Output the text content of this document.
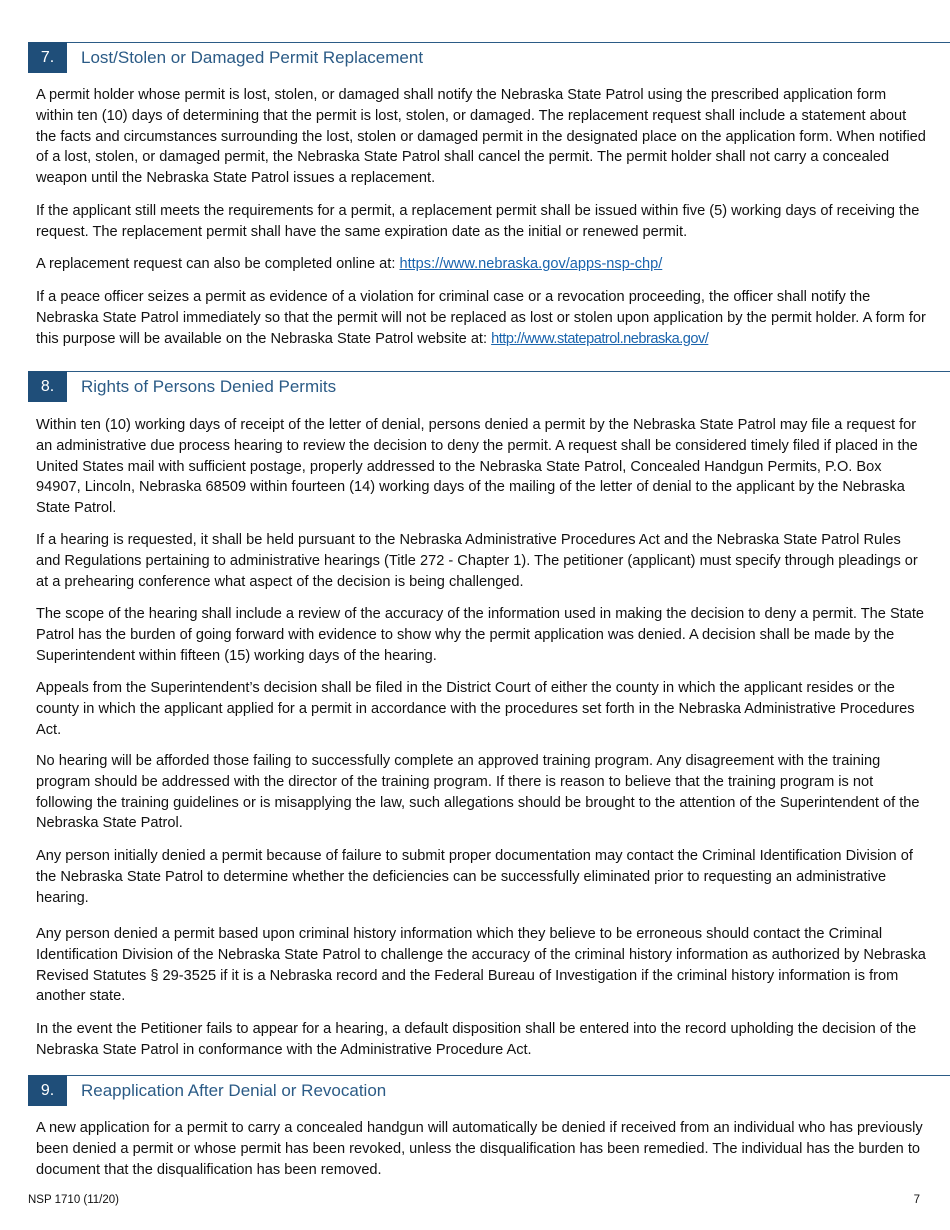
7.	Lost/Stolen or Damaged Permit Replacement

A permit holder whose permit is lost, stolen, or damaged shall notify the Nebraska State Patrol using the prescribed application form within ten (10) days of determining that the permit is lost, stolen, or damaged. The replacement request shall include a statement about the facts and circumstances surrounding the lost, stolen or damaged permit in the designated place on the application form. When notified of a lost, stolen, or damaged permit, the Nebraska State Patrol shall cancel the permit. The permit holder shall not carry a concealed weapon until the Nebraska State Patrol issues a replacement.

If the applicant still meets the requirements for a permit, a replacement permit shall be issued within five (5) working days of receiving the request. The replacement permit shall have the same expiration date as the initial or renewed permit.

A replacement request can also be completed online at: https://www.nebraska.gov/apps-nsp-chp/

If a peace officer seizes a permit as evidence of a violation for criminal case or a revocation proceeding, the officer shall notify the Nebraska State Patrol immediately so that the permit will not be replaced as lost or stolen upon application by the permit holder. A form for this purpose will be available on the Nebraska State Patrol website at: http://www.statepatrol.nebraska.gov/

8.	Rights of Persons Denied Permits

Within ten (10) working days of receipt of the letter of denial, persons denied a permit by the Nebraska State Patrol may file a request for an administrative due process hearing to review the decision to deny the permit. A request shall be considered timely filed if placed in the United States mail with sufficient postage, properly addressed to the Nebraska State Patrol, Concealed Handgun Permits, P.O. Box 94907, Lincoln, Nebraska 68509 within fourteen (14) working days of the mailing of the letter of denial to the applicant by the Nebraska State Patrol.

If a hearing is requested, it shall be held pursuant to the Nebraska Administrative Procedures Act and the Nebraska State Patrol Rules and Regulations pertaining to administrative hearings (Title 272 - Chapter 1). The petitioner (applicant) must specify through pleadings or at a prehearing conference what aspect of the decision is being challenged.

The scope of the hearing shall include a review of the accuracy of the information used in making the decision to deny a permit. The State Patrol has the burden of going forward with evidence to show why the permit application was denied. A decision shall be made by the Superintendent within fifteen (15) working days of the hearing.

Appeals from the Superintendent’s decision shall be filed in the District Court of either the county in which the applicant resides or the county in which the applicant applied for a permit in accordance with the procedures set forth in the Nebraska Administrative Procedures Act.

No hearing will be afforded those failing to successfully complete an approved training program. Any disagreement with the training program should be addressed with the director of the training program. If there is reason to believe that the training program is not following the training guidelines or is misapplying the law, such allegations should be brought to the attention of the Superintendent of the Nebraska State Patrol.

Any person initially denied a permit because of failure to submit proper documentation may contact the Criminal Identification Division of the Nebraska State Patrol to determine whether the deficiencies can be successfully eliminated prior to requesting an administrative hearing.

Any person denied a permit based upon criminal history information which they believe to be erroneous should contact the Criminal Identification Division of the Nebraska State Patrol to challenge the accuracy of the criminal history information as authorized by Nebraska Revised Statutes § 29-3525 if it is a Nebraska record and the Federal Bureau of Investigation if the criminal history information is from another state.

In the event the Petitioner fails to appear for a hearing, a default disposition shall be entered into the record upholding the decision of the Nebraska State Patrol in conformance with the Administrative Procedure Act.

9.	Reapplication After Denial or Revocation

A new application for a permit to carry a concealed handgun will automatically be denied if received from an individual who has previously been denied a permit or whose permit has been revoked, unless the disqualification has been remedied. The individual has the burden to document that the disqualification has been removed.

NSP 1710 (11/20)	7
